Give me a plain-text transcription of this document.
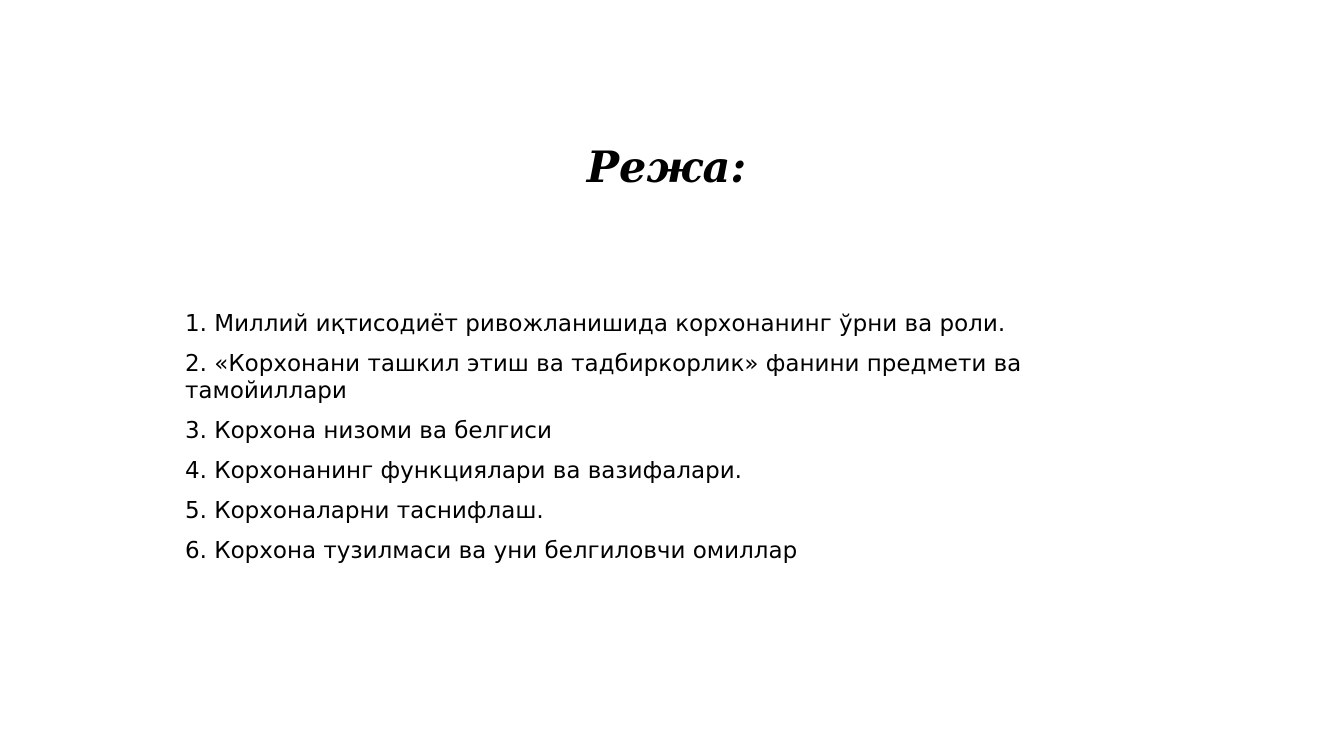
Режа:
1. Миллий иқтисодиёт ривожланишида корхонанинг ўрни ва роли.
2. «Корхонани ташкил этиш ва тадбиркорлик» фанини предмети ва тамойиллари
3. Корхона низоми ва белгиси
4. Корхонанинг функциялари ва вазифалари.
5. Корхоналарни таснифлаш.
6. Корхона тузилмаси ва уни белгиловчи омиллар
